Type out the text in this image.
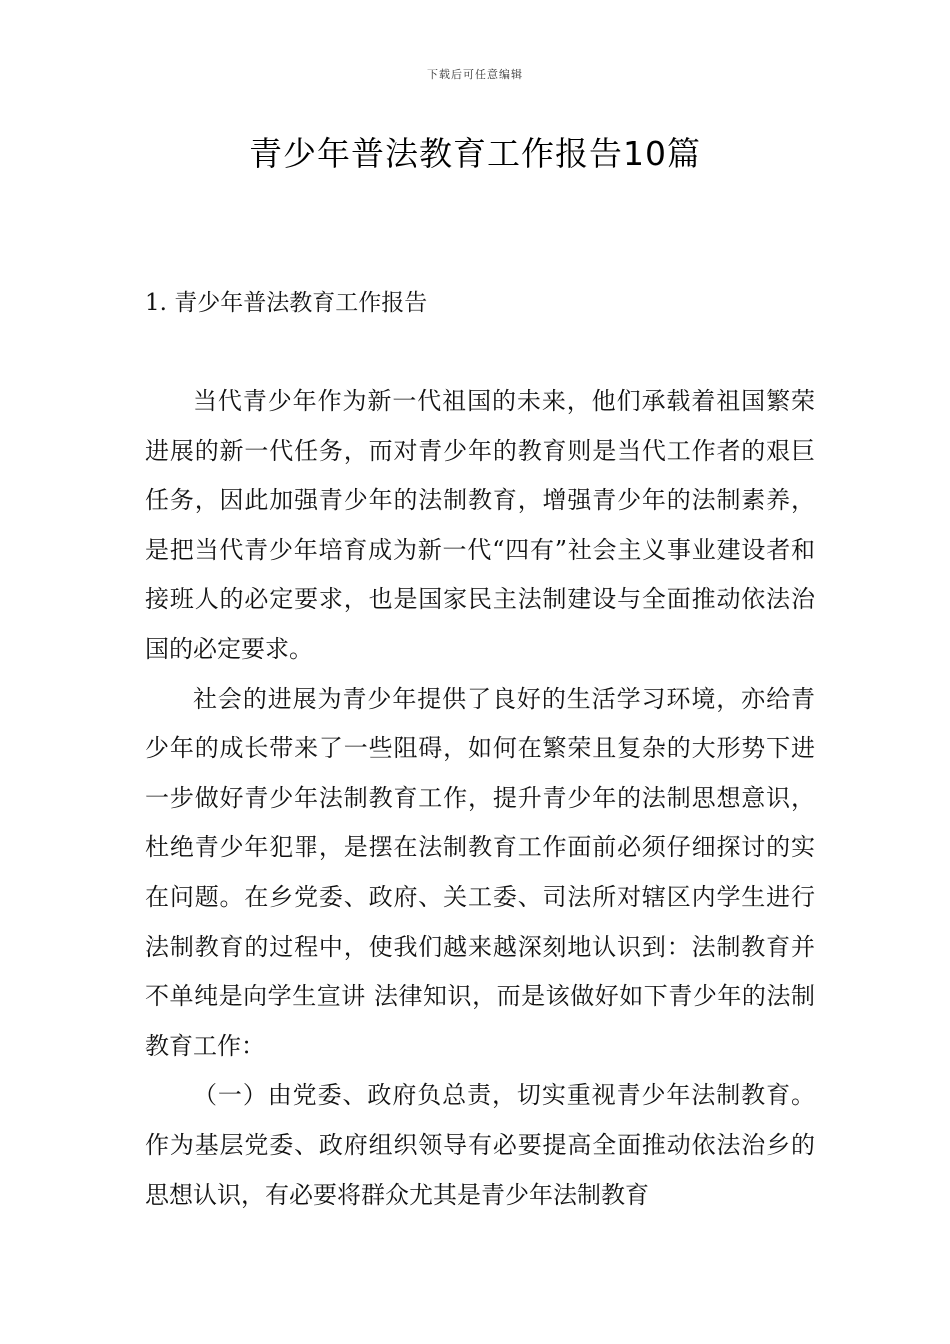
下载后可任意编辑
青少年普法教育工作报告10篇
1. 青少年普法教育工作报告

当代青少年作为新一代祖国的未来，他们承载着祖国繁荣进展的新一代任务，而对青少年的教育则是当代工作者的艰巨任务，因此加强青少年的法制教育，增强青少年的法制素养，是把当代青少年培育成为新一代“四有”社会主义事业建设者和接班人的必定要求，也是国家民主法制建设与全面推动依法治国的必定要求。

社会的进展为青少年提供了良好的生活学习环境，亦给青少年的成长带来了一些阻碍，如何在繁荣且复杂的大形势下进一步做好青少年法制教育工作，提升青少年的法制思想意识，杜绝青少年犯罪，是摆在法制教育工作面前必须仔细探讨的实在问题。在乡党委、政府、关工委、司法所对辖区内学生进行法制教育的过程中，使我们越来越深刻地认识到：法制教育并不单纯是向学生宣讲 法律知识，而是该做好如下青少年的法制教育工作：

（一）由党委、政府负总责，切实重视青少年法制教育。作为基层党委、政府组织领导有必要提高全面推动依法治乡的思想认识，有必要将群众尤其是青少年法制教育
